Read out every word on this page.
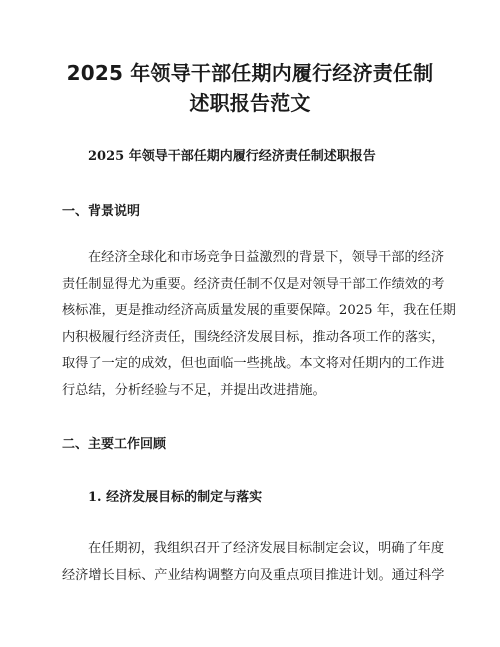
2025 年领导干部任期内履行经济责任制
述职报告范文

2025 年领导干部任期内履行经济责任制述职报告

一、背景说明

在经济全球化和市场竞争日益激烈的背景下，领导干部的经济
责任制显得尤为重要。经济责任制不仅是对领导干部工作绩效的考
核标准，更是推动经济高质量发展的重要保障。2025 年，我在任期
内积极履行经济责任，围绕经济发展目标，推动各项工作的落实，
取得了一定的成效，但也面临一些挑战。本文将对任期内的工作进
行总结，分析经验与不足，并提出改进措施。

二、主要工作回顾
1. 经济发展目标的制定与落实

在任期初，我组织召开了经济发展目标制定会议，明确了年度
经济增长目标、产业结构调整方向及重点项目推进计划。通过科学
